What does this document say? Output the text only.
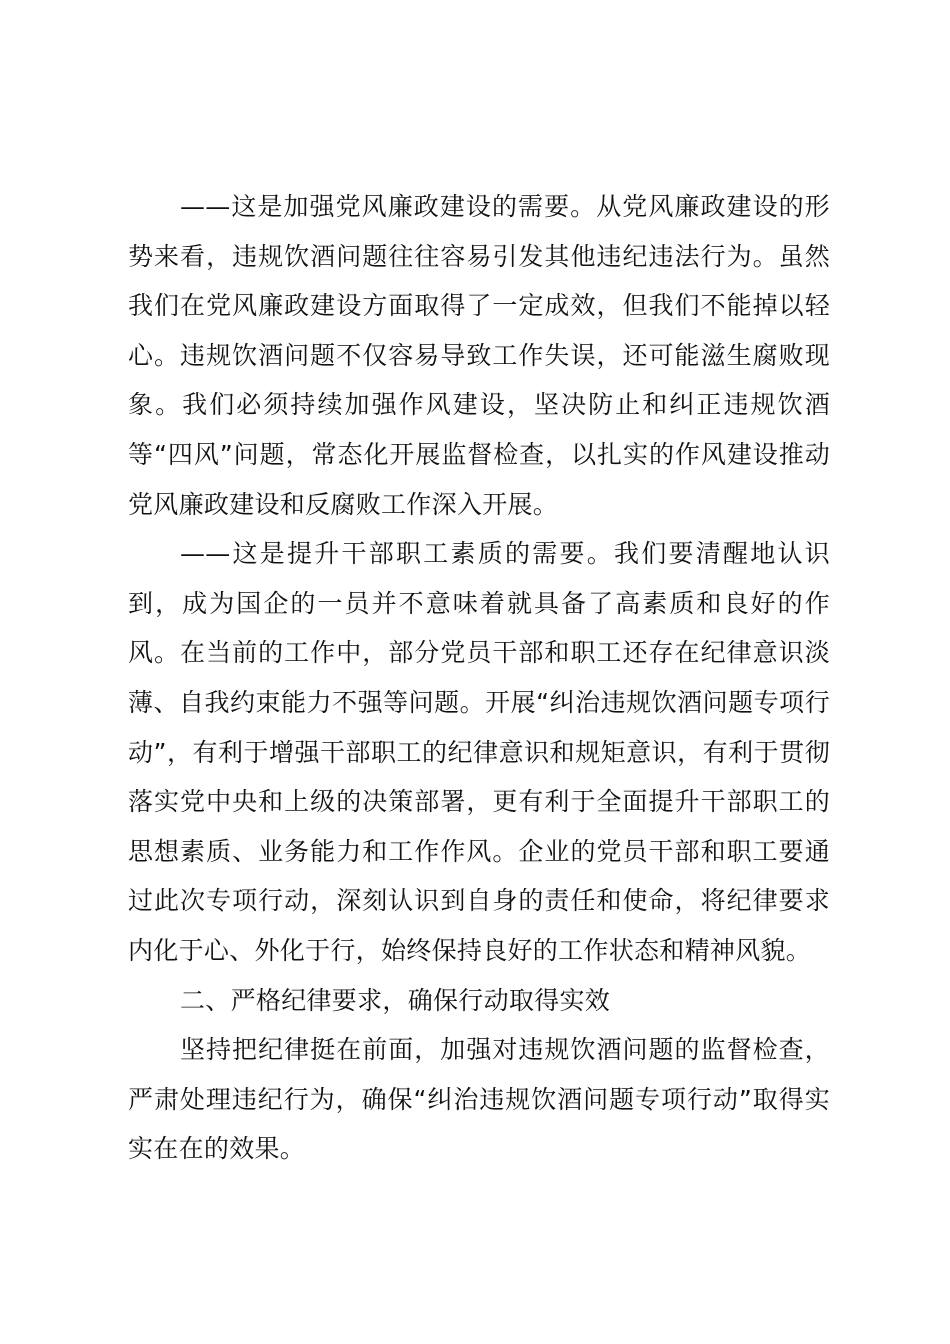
——这是加强党风廉政建设的需要。从党风廉政建设的形势来看，违规饮酒问题往往容易引发其他违纪违法行为。虽然我们在党风廉政建设方面取得了一定成效，但我们不能掉以轻心。违规饮酒问题不仅容易导致工作失误，还可能滋生腐败现象。我们必须持续加强作风建设，坚决防止和纠正违规饮酒等“四风”问题，常态化开展监督检查，以扎实的作风建设推动党风廉政建设和反腐败工作深入开展。

——这是提升干部职工素质的需要。我们要清醒地认识到，成为国企的一员并不意味着就具备了高素质和良好的作风。在当前的工作中，部分党员干部和职工还存在纪律意识淡薄、自我约束能力不强等问题。开展“纠治违规饮酒问题专项行动”，有利于增强干部职工的纪律意识和规矩意识，有利于贯彻落实党中央和上级的决策部署，更有利于全面提升干部职工的思想素质、业务能力和工作作风。企业的党员干部和职工要通过此次专项行动，深刻认识到自身的责任和使命，将纪律要求内化于心、外化于行，始终保持良好的工作状态和精神风貌。

二、严格纪律要求，确保行动取得实效

坚持把纪律挺在前面，加强对违规饮酒问题的监督检查，严肃处理违纪行为，确保“纠治违规饮酒问题专项行动”取得实实在在的效果。
